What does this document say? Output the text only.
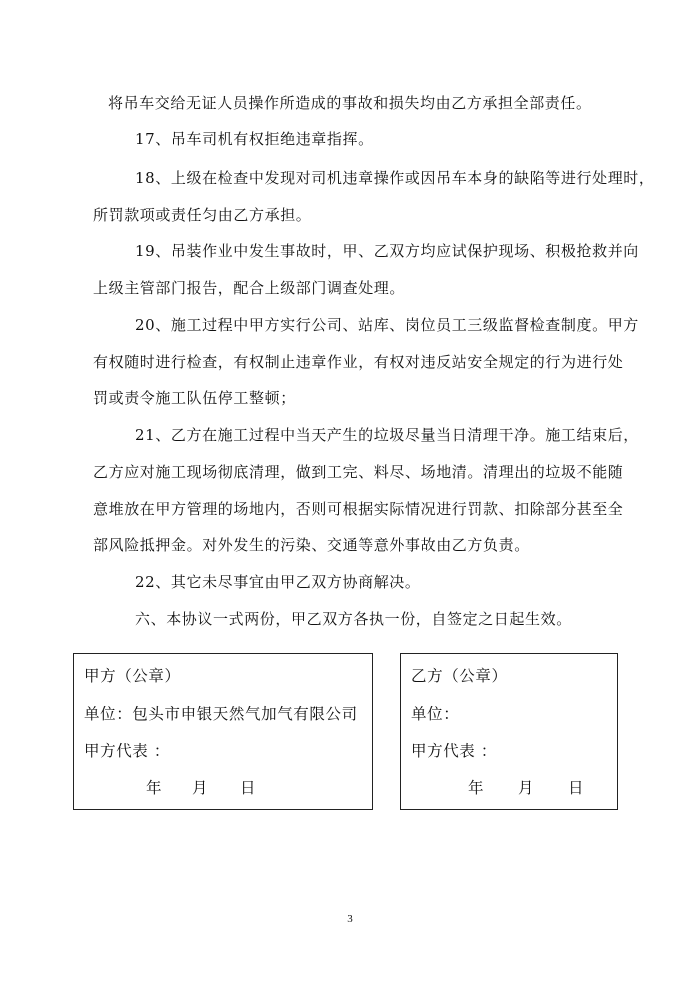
将吊车交给无证人员操作所造成的事故和损失均由乙方承担全部责任。
17、吊车司机有权拒绝违章指挥。
18、上级在检查中发现对司机违章操作或因吊车本身的缺陷等进行处理时，
所罚款项或责任匀由乙方承担。
19、吊装作业中发生事故时，甲、乙双方均应试保护现场、积极抢救并向
上级主管部门报告，配合上级部门调查处理。
20、施工过程中甲方实行公司、站库、岗位员工三级监督检查制度。甲方
有权随时进行检查，有权制止违章作业，有权对违反站安全规定的行为进行处
罚或责令施工队伍停工整顿；
21、乙方在施工过程中当天产生的垃圾尽量当日清理干净。施工结束后，
乙方应对施工现场彻底清理，做到工完、料尽、场地清。清理出的垃圾不能随
意堆放在甲方管理的场地内，否则可根据实际情况进行罚款、扣除部分甚至全
部风险抵押金。对外发生的污染、交通等意外事故由乙方负责。
22、其它未尽事宜由甲乙双方协商解决。
六、本协议一式两份，甲乙双方各执一份，自签定之日起生效。
甲方（公章）
单位：包头市申银天然气加气有限公司
甲方代表 ：
年 月 日
乙方（公章）
单位：
甲方代表 ：
年 月 日
3
